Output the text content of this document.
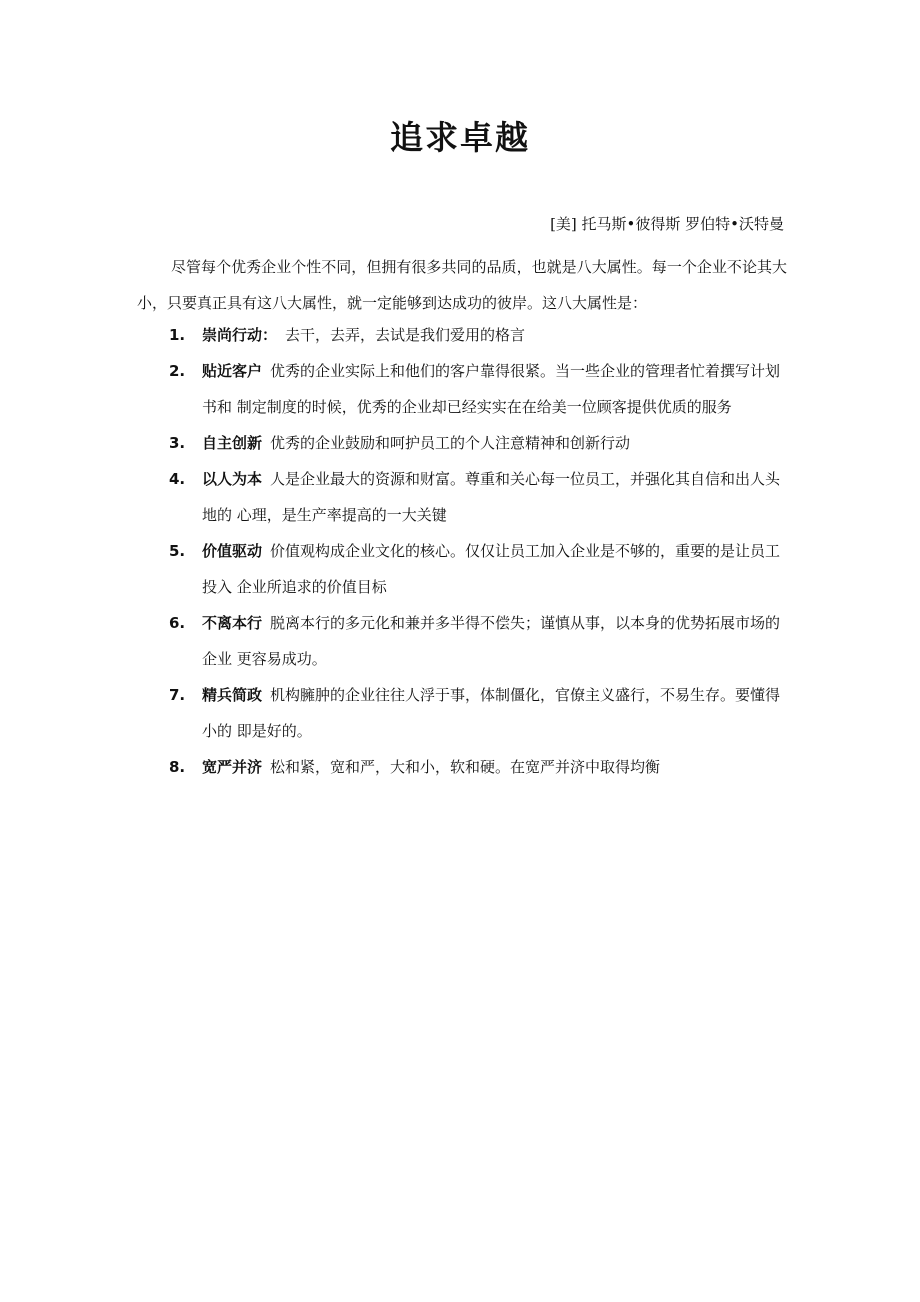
追求卓越
[美] 托马斯•彼得斯 罗伯特•沃特曼

尽管每个优秀企业个性不同，但拥有很多共同的品质，也就是八大属性。每一个企业不论其大小，只要真正具有这八大属性，就一定能够到达成功的彼岸。这八大属性是：

1. 崇尚行动： 去干，去弄，去试是我们爱用的格言
2. 贴近客户 优秀的企业实际上和他们的客户靠得很紧。当一些企业的管理者忙着撰写计划书和 制定制度的时候，优秀的企业却已经实实在在给美一位顾客提供优质的服务
3. 自主创新 优秀的企业鼓励和呵护员工的个人注意精神和创新行动
4. 以人为本 人是企业最大的资源和财富。尊重和关心每一位员工，并强化其自信和出人头地的 心理，是生产率提高的一大关键
5. 价值驱动 价值观构成企业文化的核心。仅仅让员工加入企业是不够的，重要的是让员工投入 企业所追求的价值目标
6. 不离本行 脱离本行的多元化和兼并多半得不偿失；谨慎从事，以本身的优势拓展市场的企业 更容易成功。
7. 精兵简政 机构臃肿的企业往往人浮于事，体制僵化，官僚主义盛行，不易生存。要懂得小的 即是好的。
8. 宽严并济 松和紧，宽和严，大和小，软和硬。在宽严并济中取得均衡
